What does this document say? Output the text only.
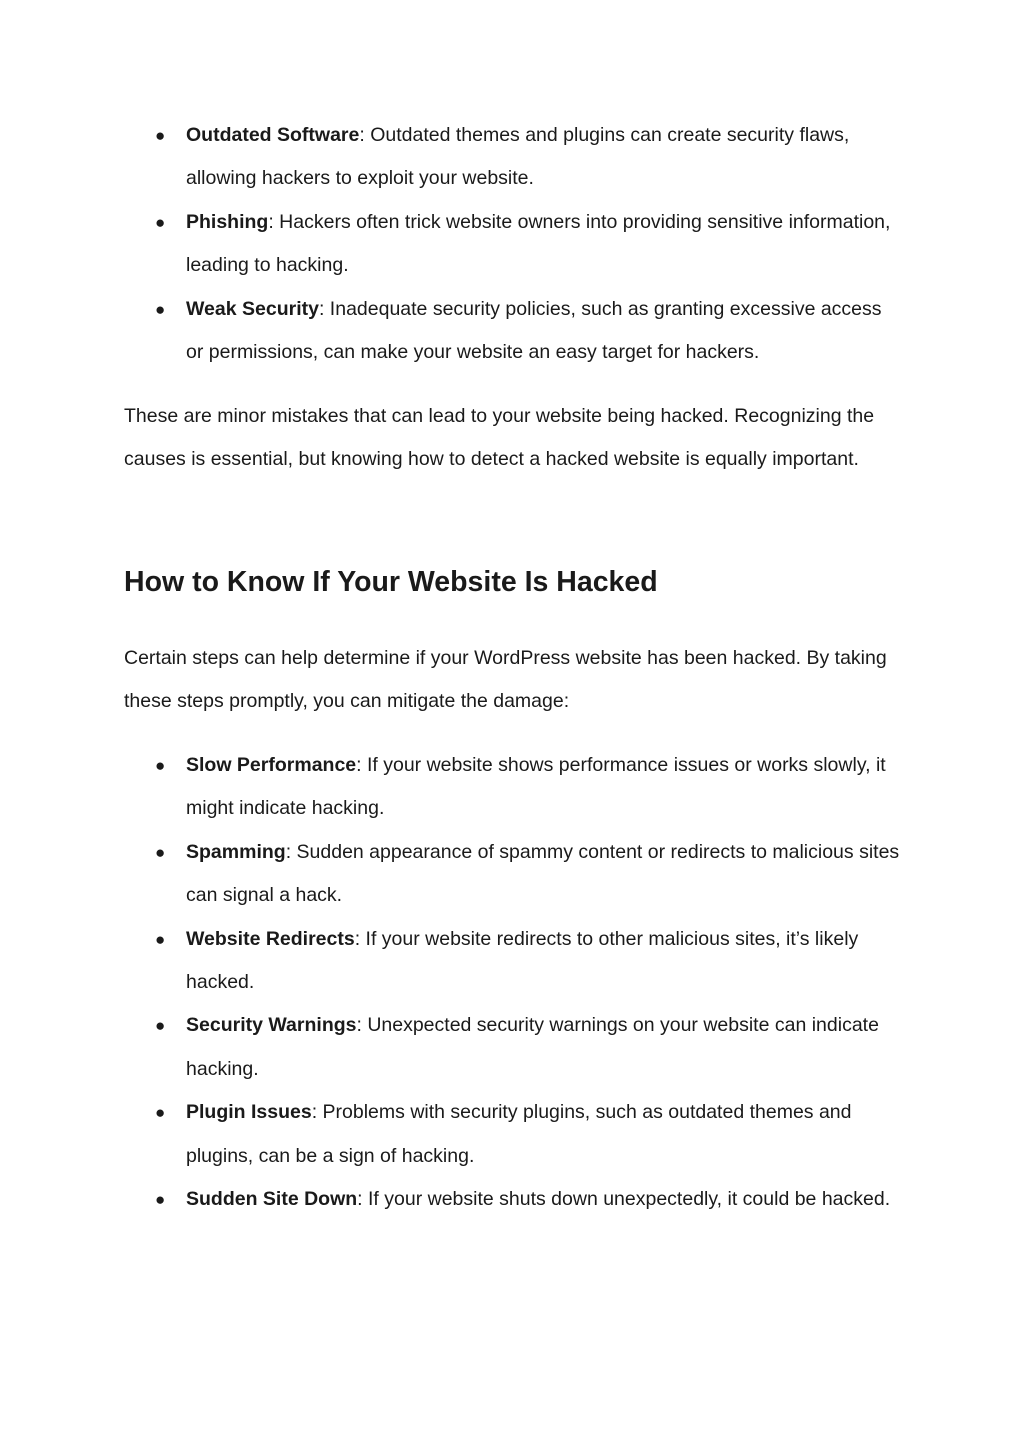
● Outdated Software: Outdated themes and plugins can create security flaws, allowing hackers to exploit your website.
● Phishing: Hackers often trick website owners into providing sensitive information, leading to hacking.
● Weak Security: Inadequate security policies, such as granting excessive access or permissions, can make your website an easy target for hackers.

These are minor mistakes that can lead to your website being hacked. Recognizing the causes is essential, but knowing how to detect a hacked website is equally important.

How to Know If Your Website Is Hacked

Certain steps can help determine if your WordPress website has been hacked. By taking these steps promptly, you can mitigate the damage:

● Slow Performance: If your website shows performance issues or works slowly, it might indicate hacking.
● Spamming: Sudden appearance of spammy content or redirects to malicious sites can signal a hack.
● Website Redirects: If your website redirects to other malicious sites, it’s likely hacked.
● Security Warnings: Unexpected security warnings on your website can indicate hacking.
● Plugin Issues: Problems with security plugins, such as outdated themes and plugins, can be a sign of hacking.
● Sudden Site Down: If your website shuts down unexpectedly, it could be hacked.
